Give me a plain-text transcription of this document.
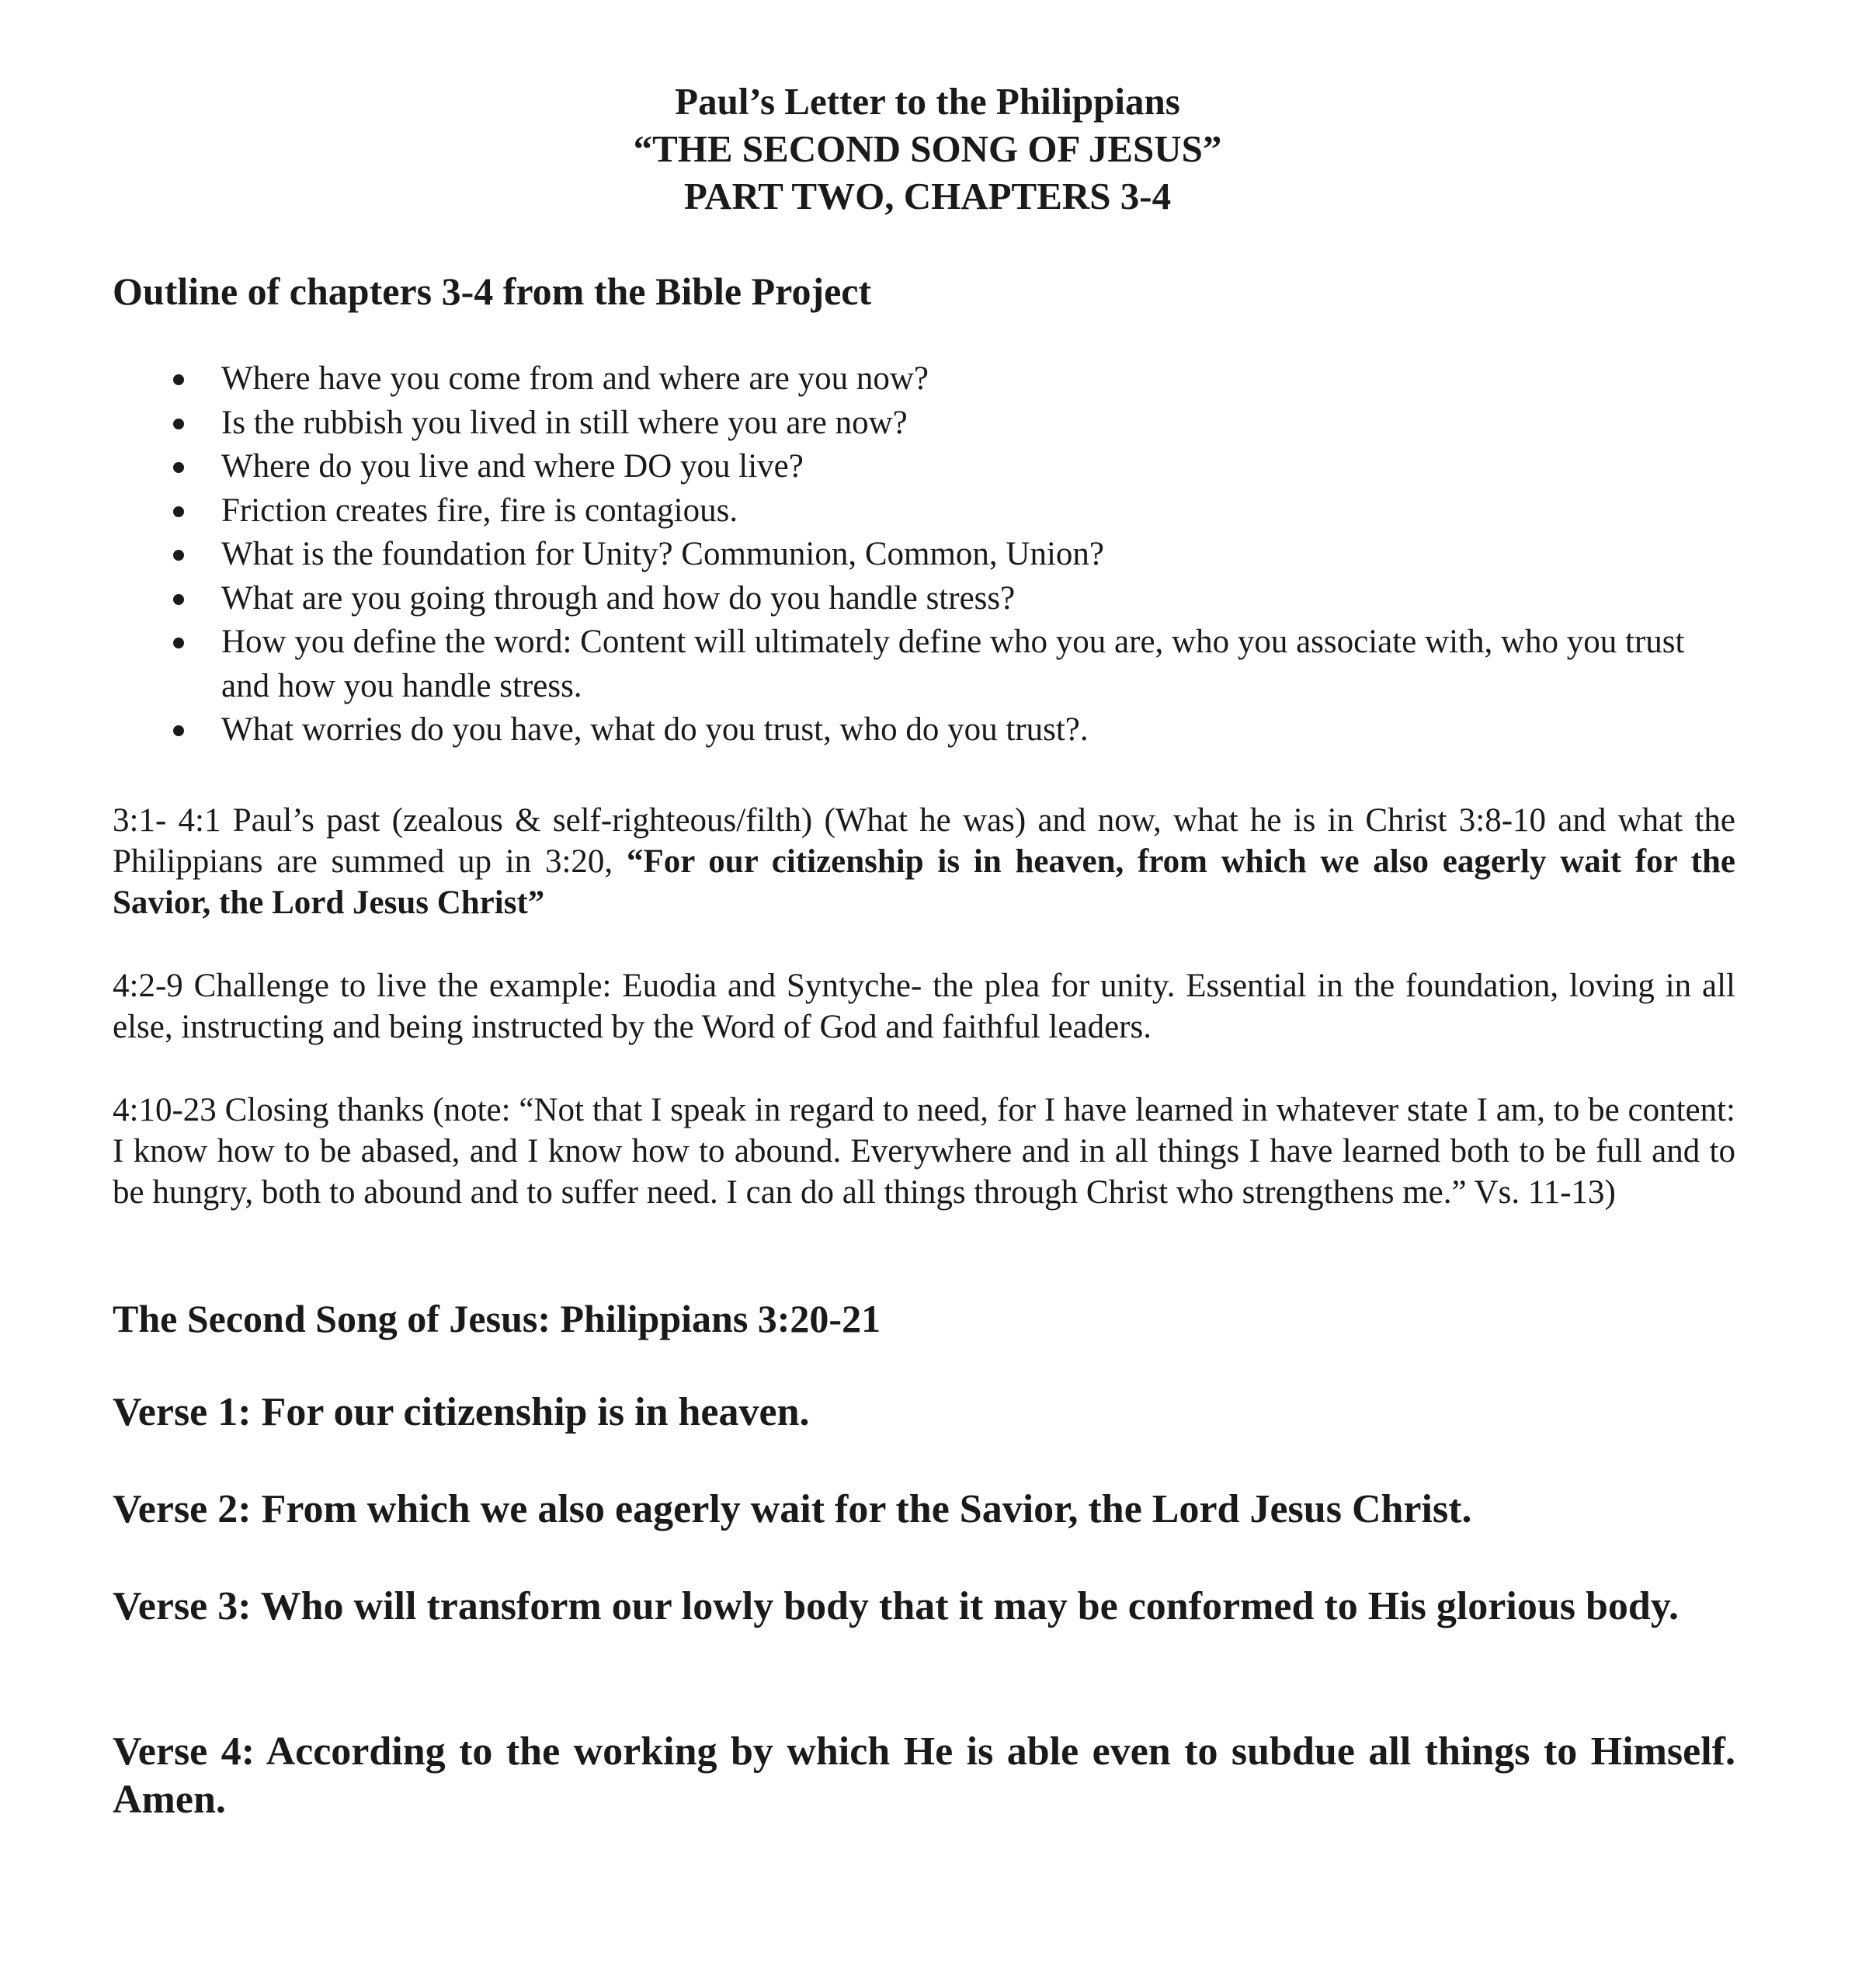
Paul’s Letter to the Philippians
“THE SECOND SONG OF JESUS”
PART TWO, CHAPTERS 3-4
Outline of chapters 3-4 from the Bible Project
Where have you come from and where are you now?
Is the rubbish you lived in still where you are now?
Where do you live and where DO you live?
Friction creates fire, fire is contagious.
What is the foundation for Unity? Communion, Common, Union?
What are you going through and how do you handle stress?
How you define the word: Content will ultimately define who you are, who you associate with, who you trust and how you handle stress.
What worries do you have, what do you trust, who do you trust?.

3:1- 4:1 Paul’s past (zealous & self-righteous/filth) (What he was) and now, what he is in Christ 3:8-10 and what the Philippians are summed up in 3:20, “For our citizenship is in heaven, from which we also eagerly wait for the Savior, the Lord Jesus Christ”

4:2-9 Challenge to live the example: Euodia and Syntyche- the plea for unity. Essential in the foundation, loving in all else, instructing and being instructed by the Word of God and faithful leaders.

4:10-23 Closing thanks (note: “Not that I speak in regard to need, for I have learned in whatever state I am, to be content: I know how to be abased, and I know how to abound. Everywhere and in all things I have learned both to be full and to be hungry, both to abound and to suffer need. I can do all things through Christ who strengthens me.” Vs. 11-13)

The Second Song of Jesus: Philippians 3:20-21

Verse 1: For our citizenship is in heaven.

Verse 2: From which we also eagerly wait for the Savior, the Lord Jesus Christ.

Verse 3: Who will transform our lowly body that it may be conformed to His glorious body.

Verse 4: According to the working by which He is able even to subdue all things to Himself. Amen.
